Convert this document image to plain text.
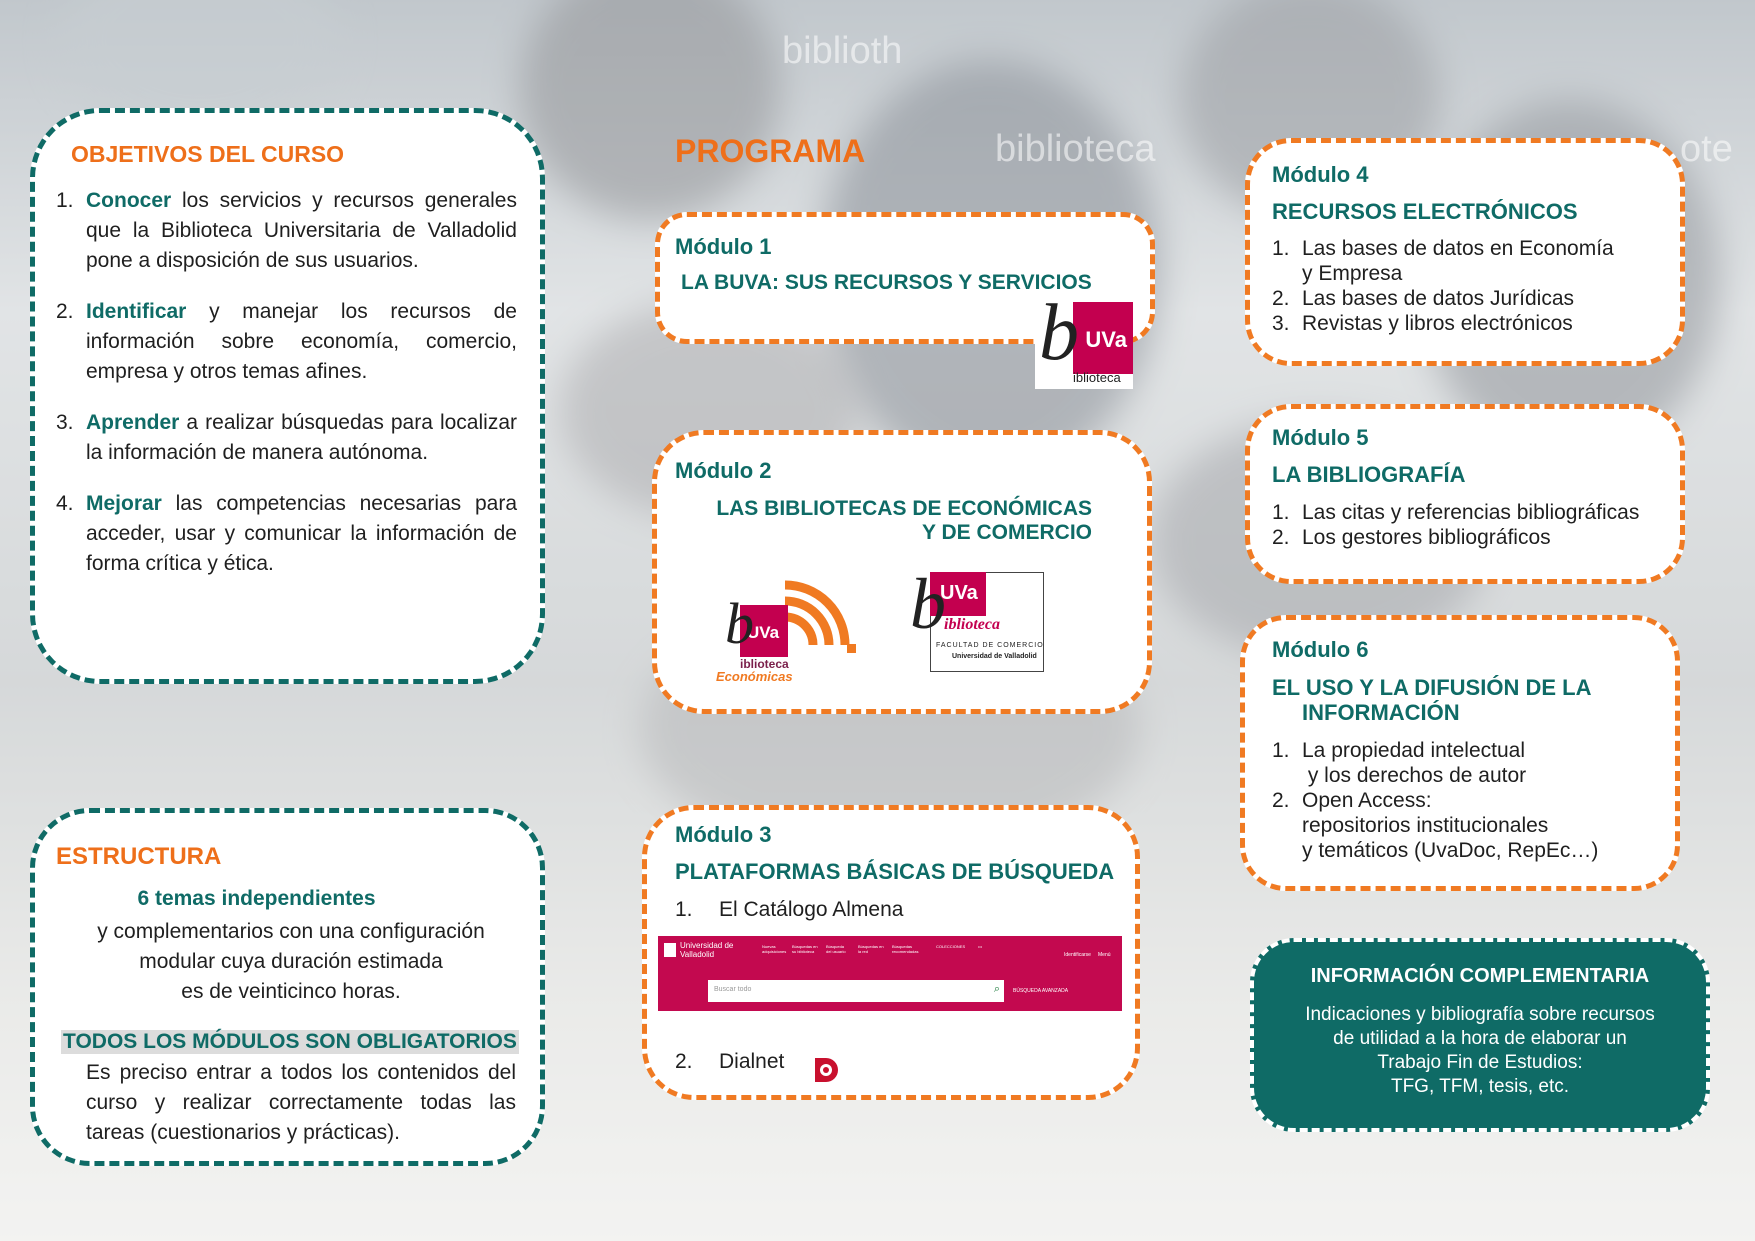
biblioth
biblioteca	ote
OBJETIVOS DEL CURSO
1. Conocer los servicios y recursos generales que la Biblioteca Universitaria de Valladolid pone a disposición de sus usuarios.
2. Identificar y manejar los recursos de información sobre economía, comercio, empresa y otros temas afines.
3. Aprender a realizar búsquedas para localizar la información de manera autónoma.
4. Mejorar las competencias necesarias para acceder, usar y comunicar la información de forma crítica y ética.
ESTRUCTURA
6 temas independientes
y complementarios con una configuración
modular cuya duración estimada
es de veinticinco horas.
TODOS LOS MÓDULOS SON OBLIGATORIOS
Es preciso entrar a todos los contenidos del curso y realizar correctamente todas las tareas (cuestionarios y prácticas).
PROGRAMA
Módulo 1
LA BUVA: SUS RECURSOS Y SERVICIOS
UVa
b
iblioteca
Módulo 2
LAS BIBLIOTECAS DE ECONÓMICAS
Y DE COMERCIO
UVa
b
iblioteca
Económicas
UVa
b
iblioteca
FACULTAD DE COMERCIO
Universidad de Valladolid
Módulo 3
PLATAFORMAS BÁSICAS DE BÚSQUEDA
1. El Catálogo Almena
Universidad de
Valladolid
Nuevas adquisiciones
Búsquedas en su biblioteca
Búsqueda del usuario
Búsquedas en la red
Búsquedas recomendadas
COLECCIONES	•••
Identificarse Menú
Buscar todo	⌕	BÚSQUEDA AVANZADA
2. Dialnet
Módulo 4
RECURSOS ELECTRÓNICOS
1. Las bases de datos en Economía
y Empresa
2. Las bases de datos Jurídicas
3. Revistas y libros electrónicos
Módulo 5
LA BIBLIOGRAFÍA
1. Las citas y referencias bibliográficas
2. Los gestores bibliográficos
Módulo 6
EL USO Y LA DIFUSIÓN DE LA
INFORMACIÓN
1. La propiedad intelectual
y los derechos de autor
2. Open Access:
repositorios institucionales
y temáticos (UvaDoc, RepEc…)
INFORMACIÓN COMPLEMENTARIA
Indicaciones y bibliografía sobre recursos
de utilidad a la hora de elaborar un
Trabajo Fin de Estudios:
TFG, TFM, tesis, etc.
